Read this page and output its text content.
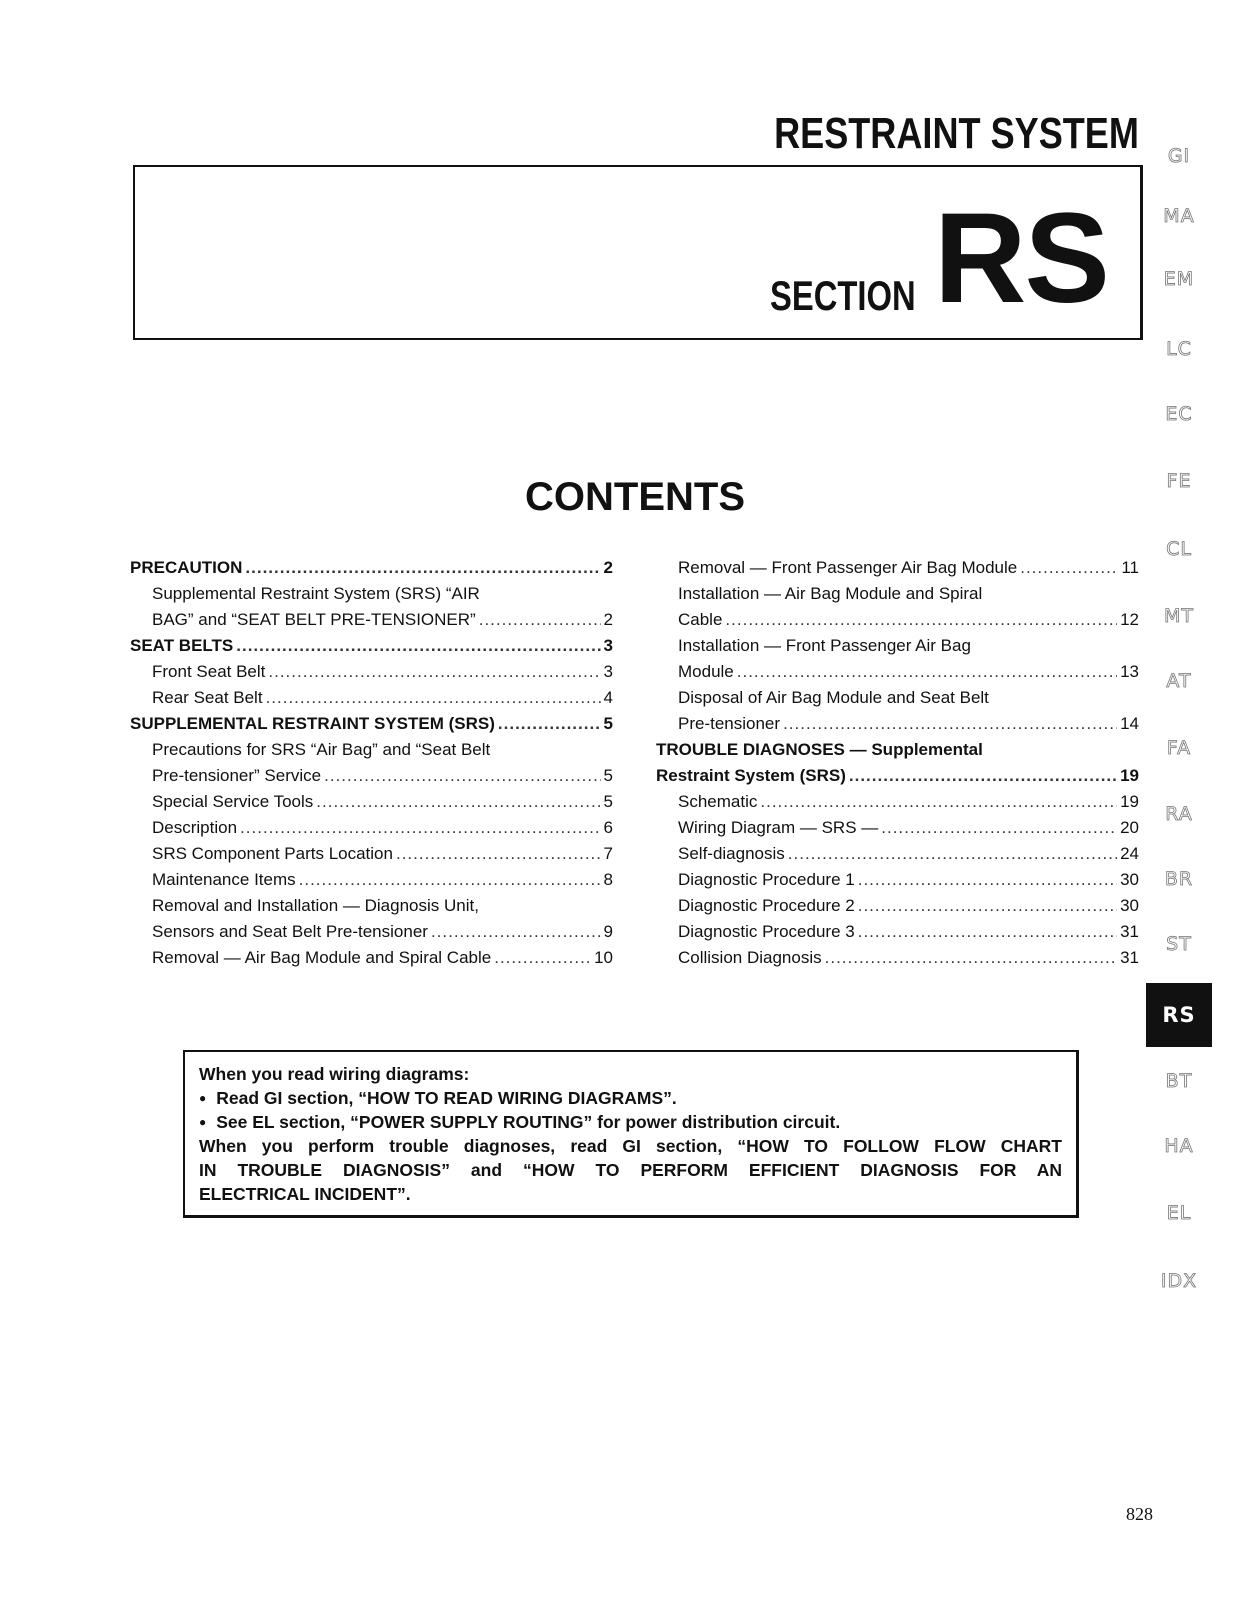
RESTRAINT SYSTEM
SECTION RS
CONTENTS
PRECAUTION .....	2
Supplemental Restraint System (SRS) “AIR
BAG” and “SEAT BELT PRE-TENSIONER” .....	2
SEAT BELTS .....	3
Front Seat Belt .....	3
Rear Seat Belt .....	4
SUPPLEMENTAL RESTRAINT SYSTEM (SRS) .....	5
Precautions for SRS “Air Bag” and “Seat Belt
Pre-tensioner” Service .....	5
Special Service Tools .....	5
Description .....	6
SRS Component Parts Location .....	7
Maintenance Items .....	8
Removal and Installation — Diagnosis Unit,
Sensors and Seat Belt Pre-tensioner .....	9
Removal — Air Bag Module and Spiral Cable .....	10
Removal — Front Passenger Air Bag Module .....	11
Installation — Air Bag Module and Spiral
Cable .....	12
Installation — Front Passenger Air Bag
Module .....	13
Disposal of Air Bag Module and Seat Belt
Pre-tensioner .....	14
TROUBLE DIAGNOSES — Supplemental
Restraint System (SRS) .....	19
Schematic .....	19
Wiring Diagram — SRS — .....	20
Self-diagnosis .....	24
Diagnostic Procedure 1 .....	30
Diagnostic Procedure 2 .....	30
Diagnostic Procedure 3 .....	31
Collision Diagnosis .....	31
When you read wiring diagrams:
● Read GI section, “HOW TO READ WIRING DIAGRAMS”.
● See EL section, “POWER SUPPLY ROUTING” for power distribution circuit.
When you perform trouble diagnoses, read GI section, “HOW TO FOLLOW FLOW CHART
IN TROUBLE DIAGNOSIS” and “HOW TO PERFORM EFFICIENT DIAGNOSIS FOR AN
ELECTRICAL INCIDENT”.
GI
MA
EM
LC
EC
FE
CL
MT
AT
FA
RA
BR
ST
RS
BT
HA
EL
IDX
828
